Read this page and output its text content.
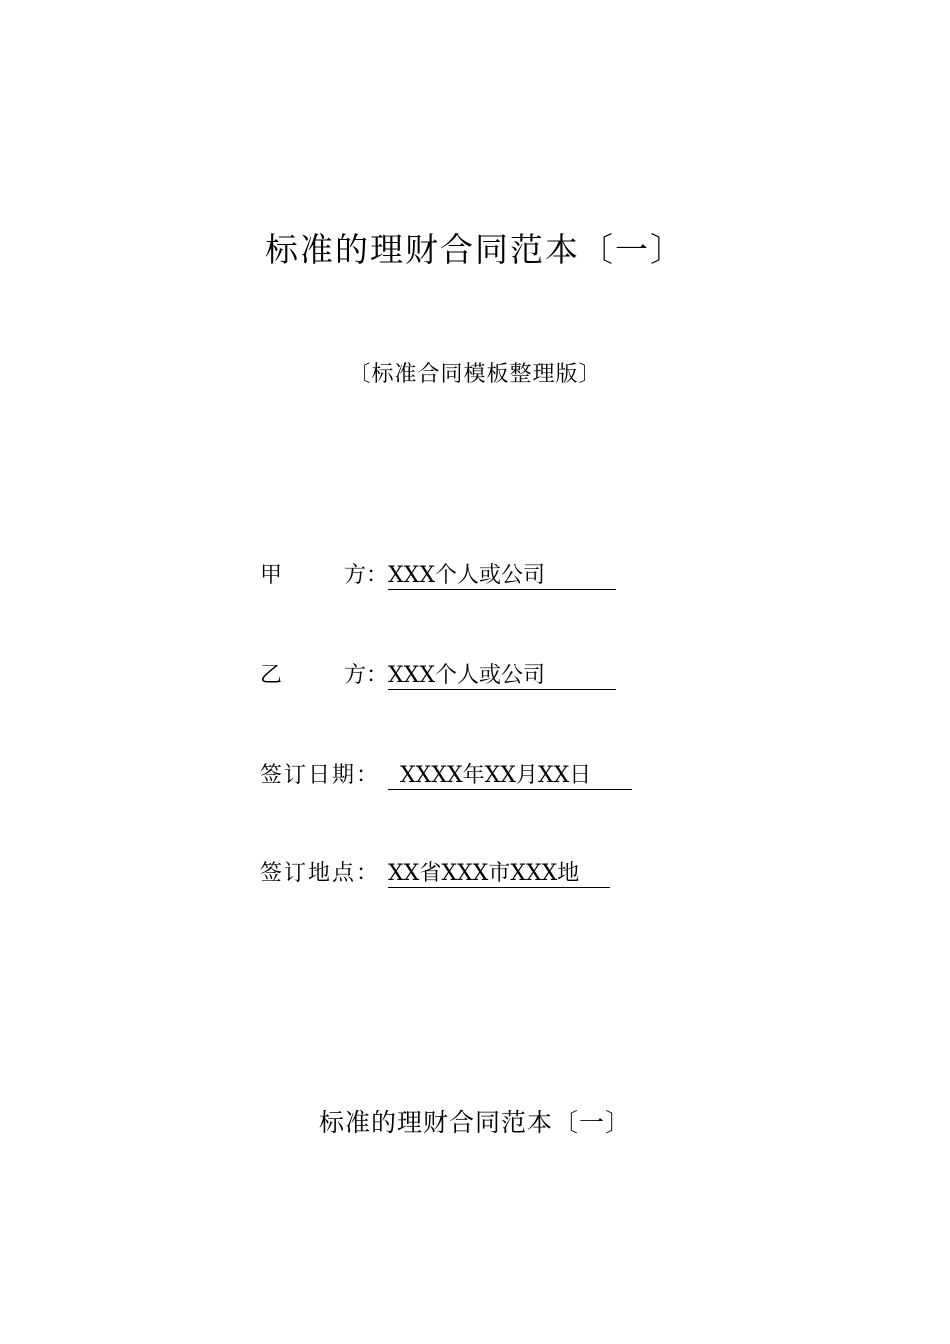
标准的理财合同范本〔一〕
〔标准合同模板整理版〕
甲	方： XXX个人或公司
乙	方： XXX个人或公司
签订日期： XXXX年XX月XX日
签订地点： XX省XXX市XXX地
标准的理财合同范本〔一〕
